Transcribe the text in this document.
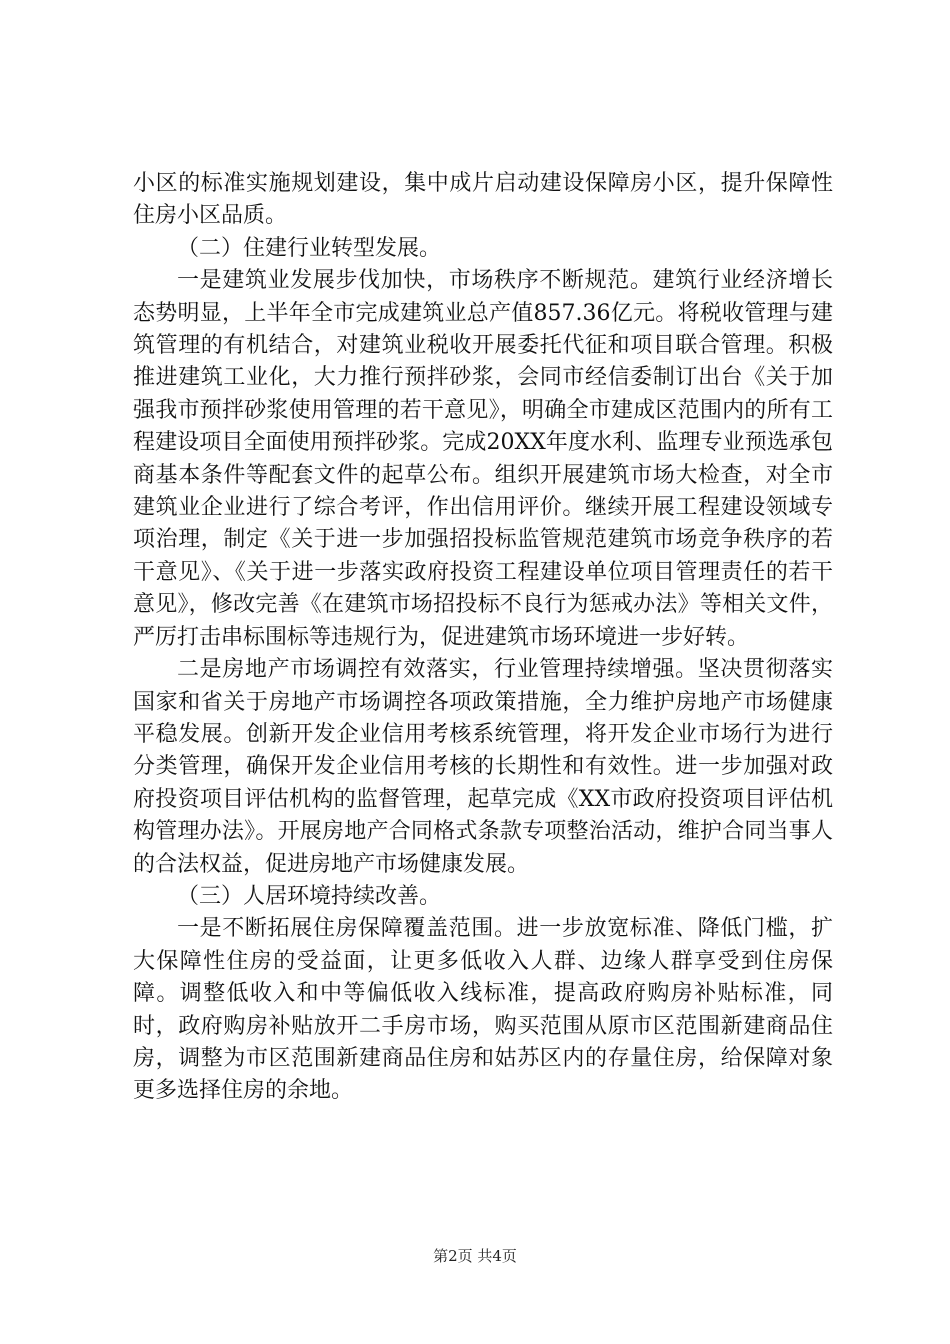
小区的标准实施规划建设，集中成片启动建设保障房小区，提升保障性住房小区品质。

（二）住建行业转型发展。

一是建筑业发展步伐加快，市场秩序不断规范。建筑行业经济增长态势明显，上半年全市完成建筑业总产值857.36亿元。将税收管理与建筑管理的有机结合，对建筑业税收开展委托代征和项目联合管理。积极推进建筑工业化，大力推行预拌砂浆，会同市经信委制订出台《关于加强我市预拌砂浆使用管理的若干意见》，明确全市建成区范围内的所有工程建设项目全面使用预拌砂浆。完成20XX年度水利、监理专业预选承包商基本条件等配套文件的起草公布。组织开展建筑市场大检查，对全市建筑业企业进行了综合考评，作出信用评价。继续开展工程建设领域专项治理，制定《关于进一步加强招投标监管规范建筑市场竞争秩序的若干意见》、《关于进一步落实政府投资工程建设单位项目管理责任的若干意见》，修改完善《在建筑市场招投标不良行为惩戒办法》等相关文件，严厉打击串标围标等违规行为，促进建筑市场环境进一步好转。

二是房地产市场调控有效落实，行业管理持续增强。坚决贯彻落实国家和省关于房地产市场调控各项政策措施，全力维护房地产市场健康平稳发展。创新开发企业信用考核系统管理，将开发企业市场行为进行分类管理，确保开发企业信用考核的长期性和有效性。进一步加强对政府投资项目评估机构的监督管理，起草完成《XX市政府投资项目评估机构管理办法》。开展房地产合同格式条款专项整治活动，维护合同当事人的合法权益，促进房地产市场健康发展。

（三）人居环境持续改善。

一是不断拓展住房保障覆盖范围。进一步放宽标准、降低门槛，扩大保障性住房的受益面，让更多低收入人群、边缘人群享受到住房保障。调整低收入和中等偏低收入线标准，提高政府购房补贴标准，同时，政府购房补贴放开二手房市场，购买范围从原市区范围新建商品住房，调整为市区范围新建商品住房和姑苏区内的存量住房，给保障对象更多选择住房的余地。

第2页 共4页
